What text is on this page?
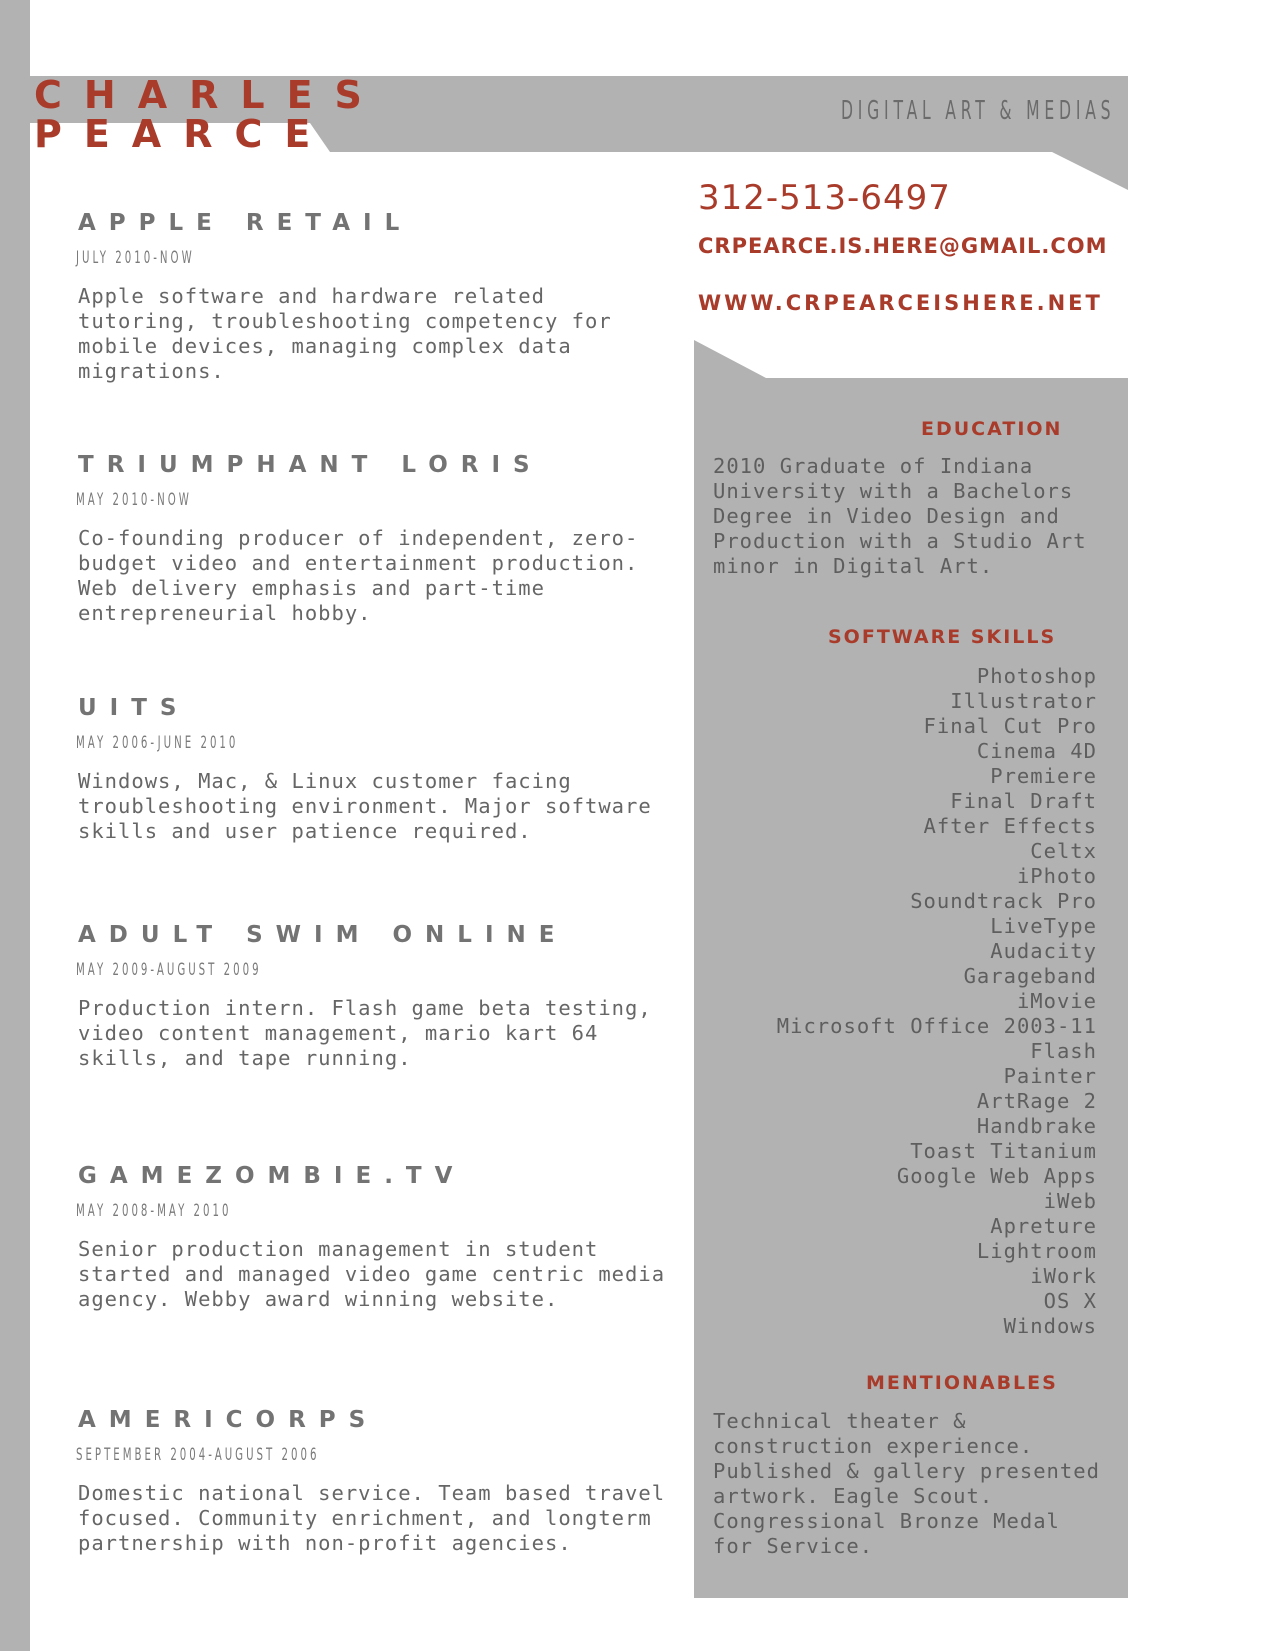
CHARLES
PEARCE
DIGITAL ART & MEDIAS
312-513-6497
CRPEARCE.IS.HERE@GMAIL.COM
WWW.CRPEARCEISHERE.NET
APPLE RETAIL
JULY 2010-NOW
Apple software and hardware related tutoring, troubleshooting competency for mobile devices, managing complex data migrations.
TRIUMPHANT LORIS
MAY 2010-NOW
Co-founding producer of independent, zero-budget video and entertainment production. Web delivery emphasis and part-time entrepreneurial hobby.
UITS
MAY 2006-JUNE 2010
Windows, Mac, & Linux customer facing troubleshooting environment. Major software skills and user patience required.
ADULT SWIM ONLINE
MAY 2009-AUGUST 2009
Production intern. Flash game beta testing, video content management, mario kart 64 skills, and tape running.
GAMEZOMBIE.TV
MAY 2008-MAY 2010
Senior production management in student started and managed video game centric media agency. Webby award winning website.
AMERICORPS
SEPTEMBER 2004-AUGUST 2006
Domestic national service. Team based travel focused. Community enrichment, and longterm partnership with non-profit agencies.
EDUCATION
2010 Graduate of Indiana University with a Bachelors Degree in Video Design and Production with a Studio Art minor in Digital Art.
SOFTWARE SKILLS
Photoshop
Illustrator
Final Cut Pro
Cinema 4D
Premiere
Final Draft
After Effects
Celtx
iPhoto
Soundtrack Pro
LiveType
Audacity
Garageband
iMovie
Microsoft Office 2003-11
Flash
Painter
ArtRage 2
Handbrake
Toast Titanium
Google Web Apps
iWeb
Apreture
Lightroom
iWork
OS X
Windows
MENTIONABLES
Technical theater & construction experience. Published & gallery presented artwork. Eagle Scout. Congressional Bronze Medal for Service.
